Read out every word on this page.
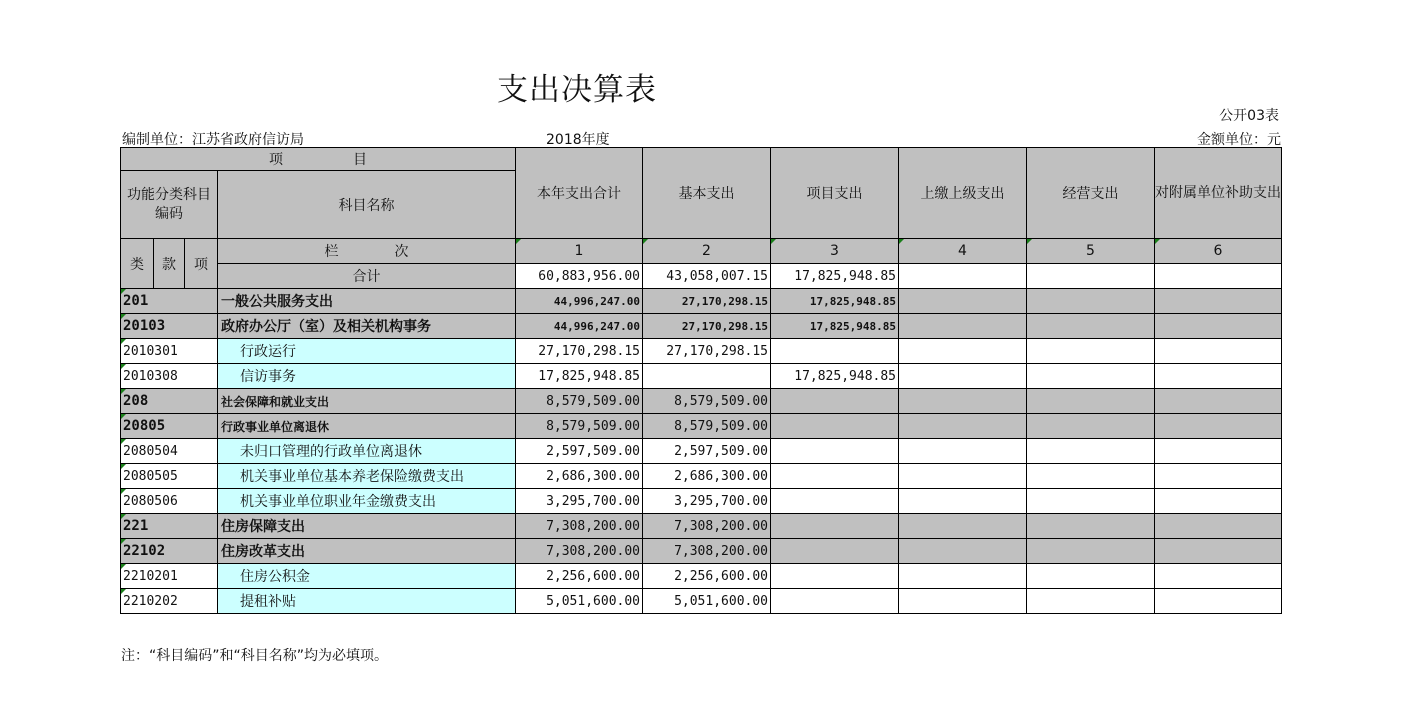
支出决算表
公开03表
编制单位：江苏省政府信访局	2018年度	金额单位：元
项　　　　　目				本年支出合计	基本支出	项目支出	上缴上级支出	经营支出	对附属单位补助支出
功能分类科目编码			科目名称						
类	款	项	栏　　　　次	1	2	3	4	5	6
			合计	60,883,956.00	43,058,007.15	17,825,948.85			
201			一般公共服务支出	44,996,247.00	27,170,298.15	17,825,948.85			
20103			政府办公厅（室）及相关机构事务	44,996,247.00	27,170,298.15	17,825,948.85			
2010301			行政运行	27,170,298.15	27,170,298.15				
2010308			信访事务	17,825,948.85		17,825,948.85			
208			社会保障和就业支出	8,579,509.00	8,579,509.00				
20805			行政事业单位离退休	8,579,509.00	8,579,509.00				
2080504			未归口管理的行政单位离退休	2,597,509.00	2,597,509.00				
2080505			机关事业单位基本养老保险缴费支出	2,686,300.00	2,686,300.00				
2080506			机关事业单位职业年金缴费支出	3,295,700.00	3,295,700.00				
221			住房保障支出	7,308,200.00	7,308,200.00				
22102			住房改革支出	7,308,200.00	7,308,200.00				
2210201			住房公积金	2,256,600.00	2,256,600.00				
2210202			提租补贴	5,051,600.00	5,051,600.00				
注：“科目编码”和“科目名称”均为必填项。
